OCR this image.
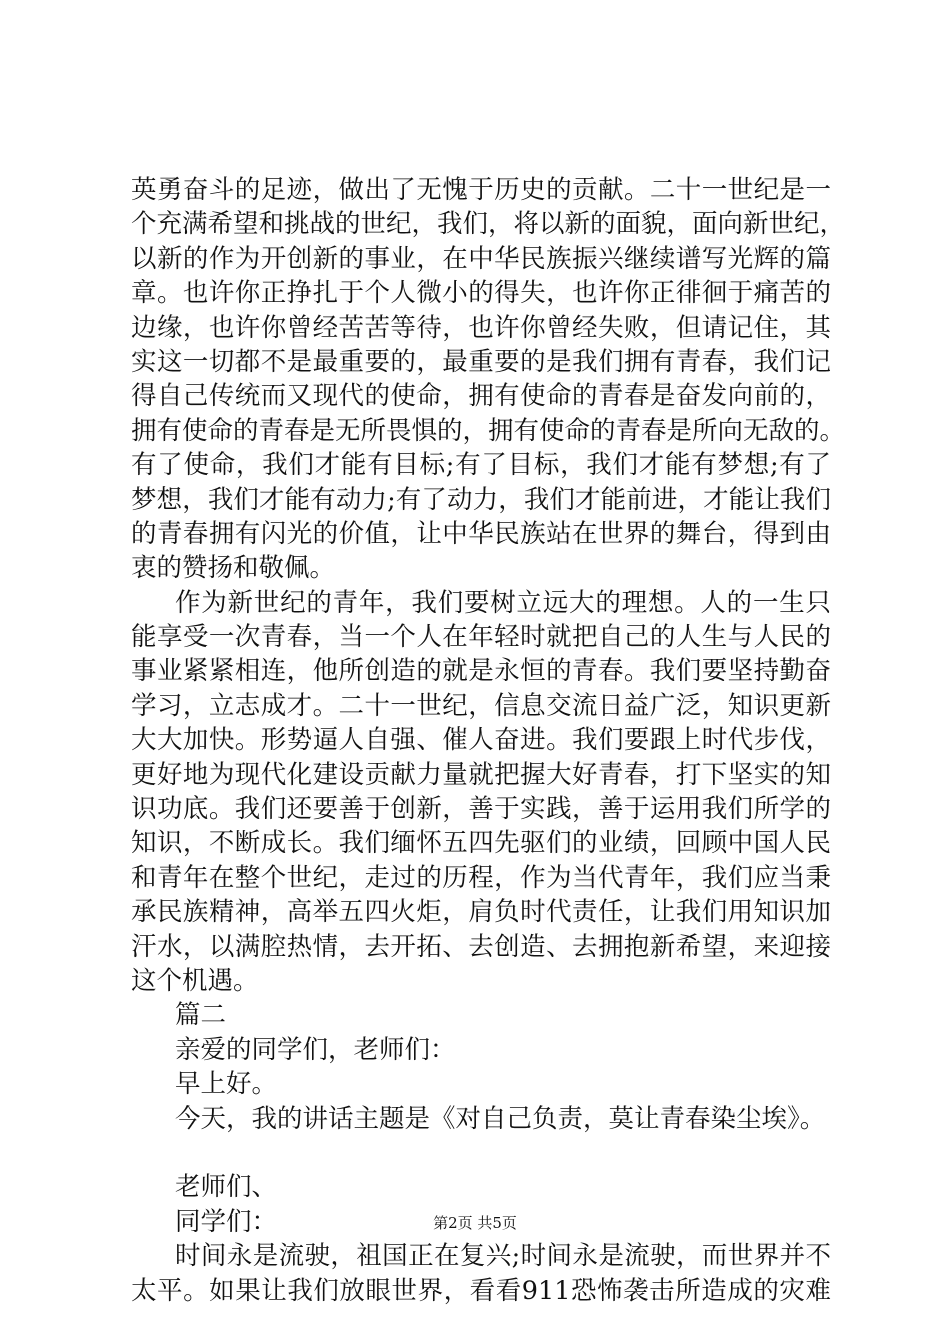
英勇奋斗的足迹，做出了无愧于历史的贡献。二十一世纪是一
个充满希望和挑战的世纪，我们，将以新的面貌，面向新世纪，
以新的作为开创新的事业，在中华民族振兴继续谱写光辉的篇
章。也许你正挣扎于个人微小的得失，也许你正徘徊于痛苦的
边缘，也许你曾经苦苦等待，也许你曾经失败，但请记住，其
实这一切都不是最重要的，最重要的是我们拥有青春，我们记
得自己传统而又现代的使命，拥有使命的青春是奋发向前的，
拥有使命的青春是无所畏惧的，拥有使命的青春是所向无敌的。
有了使命，我们才能有目标;有了目标，我们才能有梦想;有了
梦想，我们才能有动力;有了动力，我们才能前进，才能让我们
的青春拥有闪光的价值，让中华民族站在世界的舞台，得到由
衷的赞扬和敬佩。
作为新世纪的青年，我们要树立远大的理想。人的一生只
能享受一次青春，当一个人在年轻时就把自己的人生与人民的
事业紧紧相连，他所创造的就是永恒的青春。我们要坚持勤奋
学习，立志成才。二十一世纪，信息交流日益广泛，知识更新
大大加快。形势逼人自强、催人奋进。我们要跟上时代步伐，
更好地为现代化建设贡献力量就把握大好青春，打下坚实的知
识功底。我们还要善于创新，善于实践，善于运用我们所学的
知识，不断成长。我们缅怀五四先驱们的业绩，回顾中国人民
和青年在整个世纪，走过的历程，作为当代青年，我们应当秉
承民族精神，高举五四火炬，肩负时代责任，让我们用知识加
汗水，以满腔热情，去开拓、去创造、去拥抱新希望，来迎接
这个机遇。
篇二
亲爱的同学们，老师们：
早上好。
今天，我的讲话主题是《对自己负责，莫让青春染尘埃》。
老师们、
同学们：
时间永是流驶，祖国正在复兴;时间永是流驶，而世界并不
太平。如果让我们放眼世界，看看911恐怖袭击所造成的灾难
第2页 共5页
